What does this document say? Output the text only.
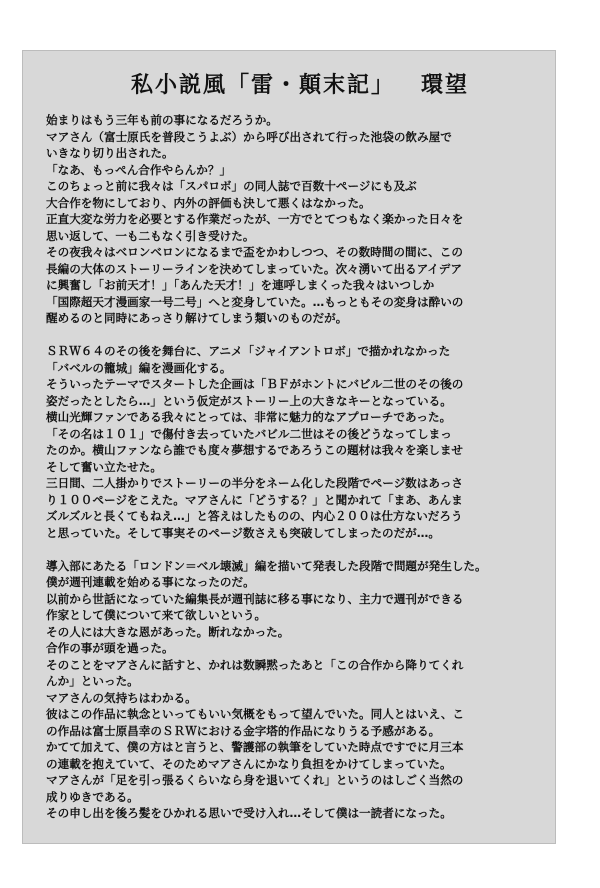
私小説風「雷・顛末記」 環望
始まりはもう三年も前の事になるだろうか。
マアさん（富士原氏を普段こうよぶ）から呼び出されて行った池袋の飲み屋で
いきなり切り出された。
「なあ、もっぺん合作やらんか？」
このちょっと前に我々は「スパロボ」の同人誌で百数十ページにも及ぶ
大合作を物にしており、内外の評価も決して悪くはなかった。
正直大変な労力を必要とする作業だったが、一方でとてつもなく楽かった日々を
思い返して、一も二もなく引き受けた。
その夜我々はベロンベロンになるまで盃をかわしつつ、その数時間の間に、この
長編の大体のストーリーラインを決めてしまっていた。次々湧いて出るアイデア
に興奮し「お前天才！」「あんた天才！」を連呼しまくった我々はいつしか
「国際超天才漫画家一号二号」へと変身していた。…もっともその変身は酔いの
醒めるのと同時にあっさり解けてしまう類いのものだが。
ＳＲＷ６４のその後を舞台に、アニメ「ジャイアントロボ」で描かれなかった
「バベルの籠城」編を漫画化する。
そういったテーマでスタートした企画は「ＢＦがホントにバビル二世のその後の
姿だったとしたら…」という仮定がストーリー上の大きなキーとなっている。
横山光輝ファンである我々にとっては、非常に魅力的なアプローチであった。
「その名は１０１」で傷付き去っていたバビル二世はその後どうなってしまっ
たのか。横山ファンなら誰でも度々夢想するであろうこの題材は我々を楽しませ
そして奮い立たせた。
三日間、二人掛かりでストーリーの半分をネーム化した段階でページ数はあっさ
り１００ページをこえた。マアさんに「どうする？」と聞かれて「まあ、あんま
ズルズルと長くてもねえ…」と答えはしたものの、内心２００は仕方ないだろう
と思っていた。そして事実そのページ数さえも突破してしまったのだが…。
導入部にあたる「ロンドン＝ベル壊滅」編を描いて発表した段階で問題が発生した。
僕が週刊連載を始める事になったのだ。
以前から世話になっていた編集長が週刊誌に移る事になり、主力で週刊ができる
作家として僕について来て欲しいという。
その人には大きな恩があった。断れなかった。
合作の事が頭を過った。
そのことをマアさんに話すと、かれは数瞬黙ったあと「この合作から降りてくれ
んか」といった。
マアさんの気持ちはわかる。
彼はこの作品に執念といってもいい気概をもって望んでいた。同人とはいえ、こ
の作品は富士原昌幸のＳＲＷにおける金字塔的作品になりうる予感がある。
かてて加えて、僕の方はと言うと、警護部の執筆をしていた時点ですでに月三本
の連載を抱えていて、そのためマアさんにかなり負担をかけてしまっていた。
マアさんが「足を引っ張るくらいなら身を退いてくれ」というのはしごく当然の
成りゆきである。
その申し出を後ろ髪をひかれる思いで受け入れ…そして僕は一読者になった。
